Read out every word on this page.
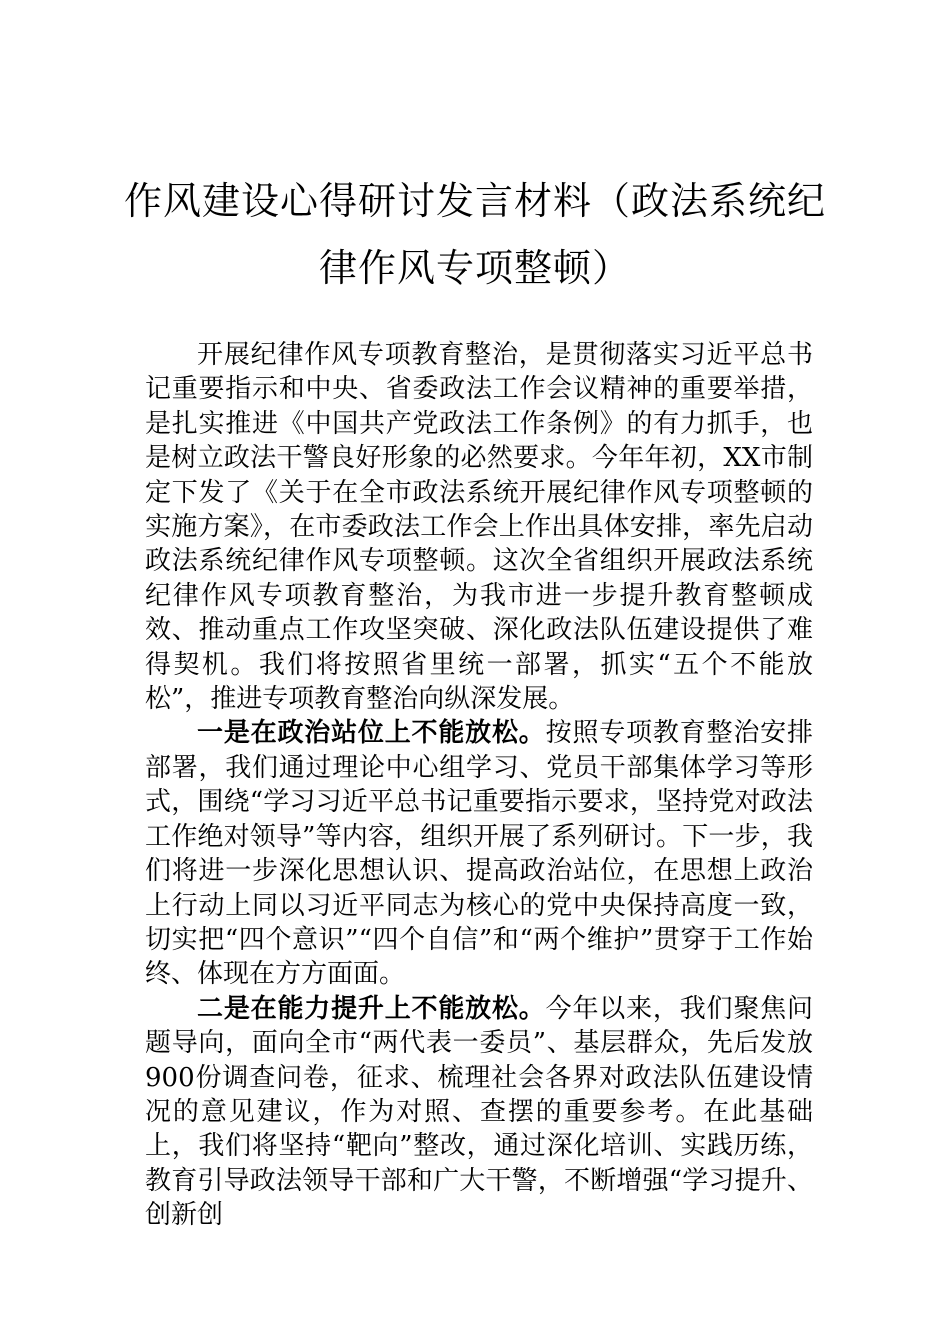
作风建设心得研讨发言材料（政法系统纪
律作风专项整顿）

开展纪律作风专项教育整治，是贯彻落实习近平总书记重要指示和中央、省委政法工作会议精神的重要举措，是扎实推进《中国共产党政法工作条例》的有力抓手，也是树立政法干警良好形象的必然要求。今年年初，XX市制定下发了《关于在全市政法系统开展纪律作风专项整顿的实施方案》，在市委政法工作会上作出具体安排，率先启动政法系统纪律作风专项整顿。这次全省组织开展政法系统纪律作风专项教育整治，为我市进一步提升教育整顿成效、推动重点工作攻坚突破、深化政法队伍建设提供了难得契机。我们将按照省里统一部署，抓实“五个不能放松”，推进专项教育整治向纵深发展。

一是在政治站位上不能放松。按照专项教育整治安排部署，我们通过理论中心组学习、党员干部集体学习等形式，围绕“学习习近平总书记重要指示要求，坚持党对政法工作绝对领导”等内容，组织开展了系列研讨。下一步，我们将进一步深化思想认识、提高政治站位，在思想上政治上行动上同以习近平同志为核心的党中央保持高度一致，切实把“四个意识”“四个自信”和“两个维护”贯穿于工作始终、体现在方方面面。

二是在能力提升上不能放松。今年以来，我们聚焦问题导向，面向全市“两代表一委员”、基层群众，先后发放900份调查问卷，征求、梳理社会各界对政法队伍建设情况的意见建议，作为对照、查摆的重要参考。在此基础上，我们将坚持“靶向”整改，通过深化培训、实践历练，教育引导政法领导干部和广大干警，不断增强“学习提升、创新创
